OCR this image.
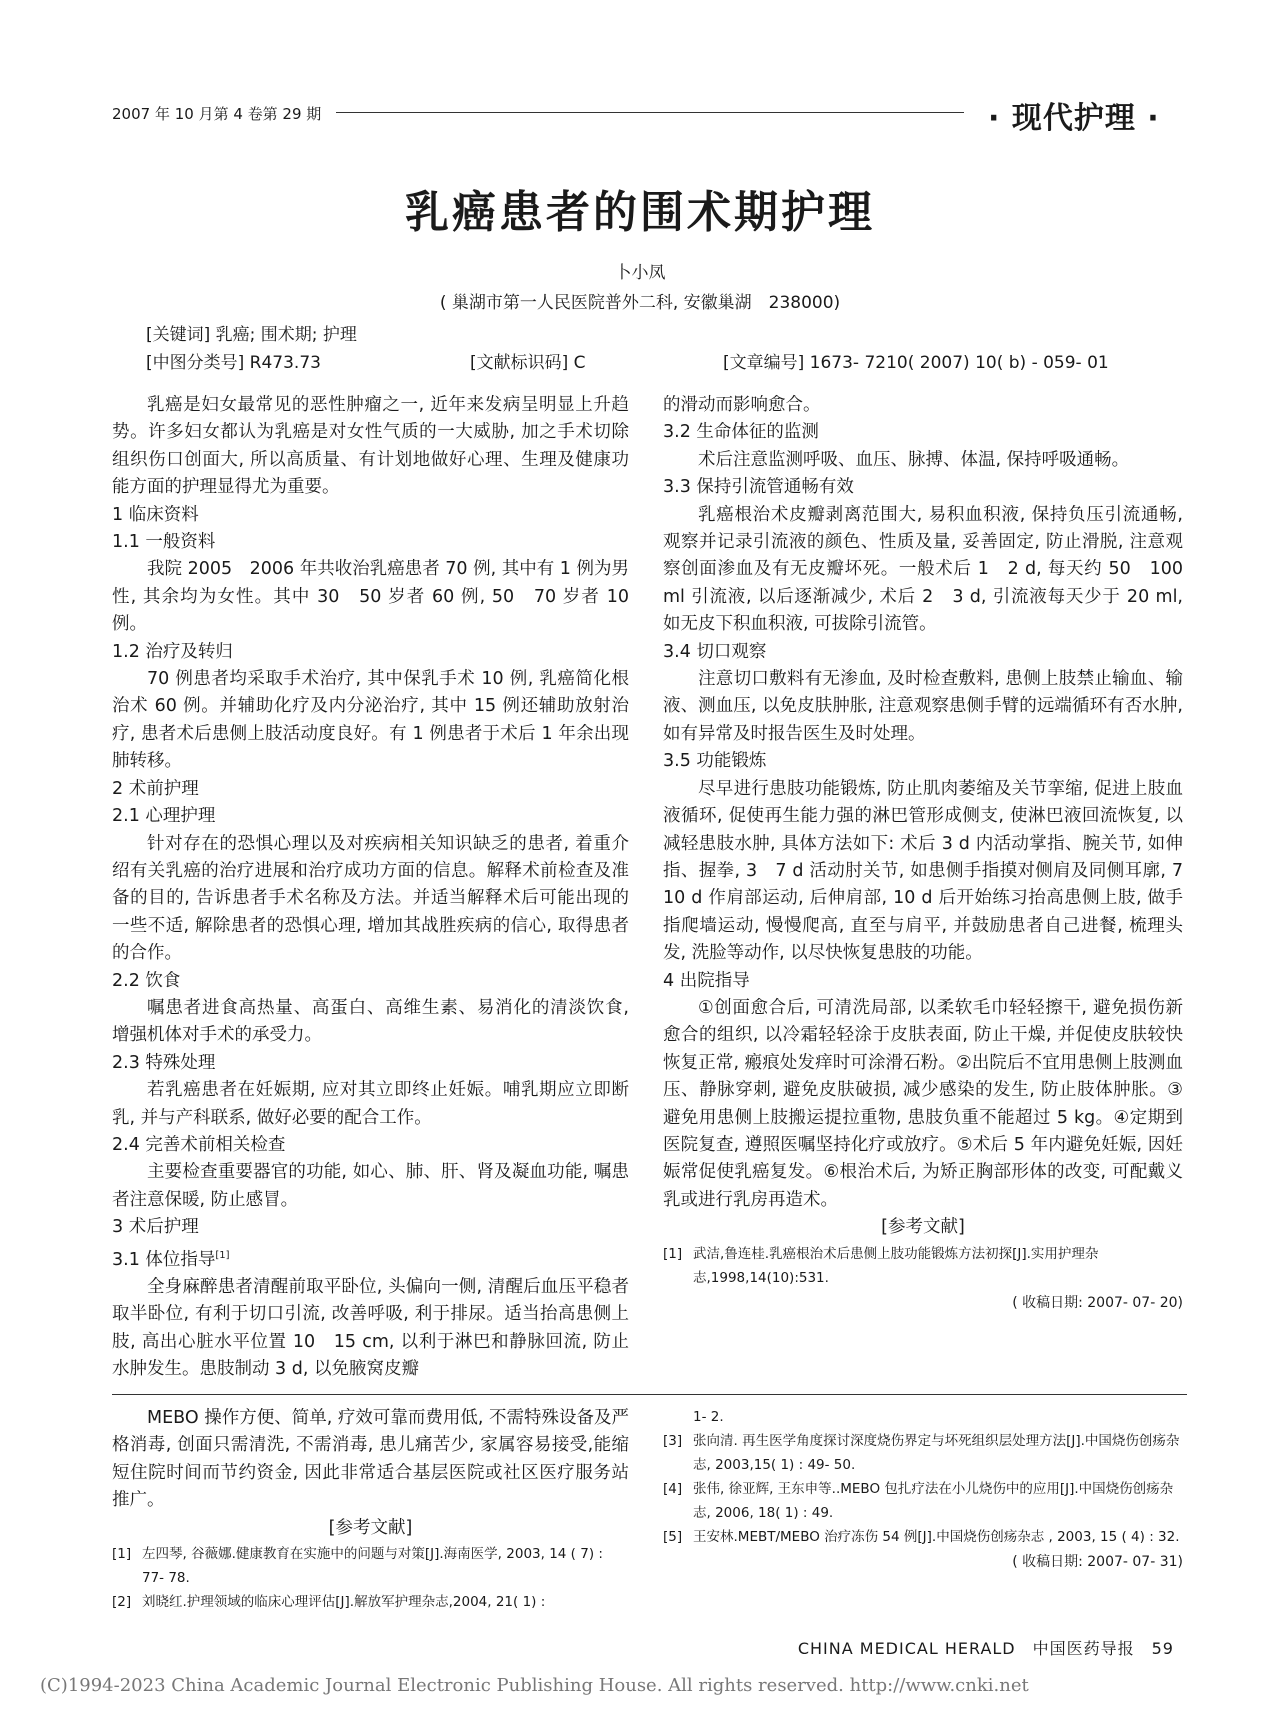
2007 年 10 月第 4 卷第 29 期	· 现代护理 ·
乳癌患者的围术期护理
卜小凤
( 巢湖市第一人民医院普外二科, 安徽巢湖　238000)
[关键词] 乳癌; 围术期; 护理
[中图分类号] R473.73	[文献标识码] C	[文章编号] 1673- 7210( 2007) 10( b) - 059- 01

乳癌是妇女最常见的恶性肿瘤之一, 近年来发病呈明显上升趋势。许多妇女都认为乳癌是对女性气质的一大威胁, 加之手术切除组织伤口创面大, 所以高质量、有计划地做好心理、生理及健康功能方面的护理显得尤为重要。

1 临床资料

1.1 一般资料

我院 2005　2006 年共收治乳癌患者 70 例, 其中有 1 例为男性, 其余均为女性。其中 30　50 岁者 60 例, 50　70 岁者 10 例。

1.2 治疗及转归

70 例患者均采取手术治疗, 其中保乳手术 10 例, 乳癌简化根治术 60 例。并辅助化疗及内分泌治疗, 其中 15 例还辅助放射治疗, 患者术后患侧上肢活动度良好。有 1 例患者于术后 1 年余出现肺转移。

2 术前护理

2.1 心理护理

针对存在的恐惧心理以及对疾病相关知识缺乏的患者, 着重介绍有关乳癌的治疗进展和治疗成功方面的信息。解释术前检查及准备的目的, 告诉患者手术名称及方法。并适当解释术后可能出现的一些不适, 解除患者的恐惧心理, 增加其战胜疾病的信心, 取得患者的合作。

2.2 饮食

嘱患者进食高热量、高蛋白、高维生素、易消化的清淡饮食, 增强机体对手术的承受力。

2.3 特殊处理

若乳癌患者在妊娠期, 应对其立即终止妊娠。哺乳期应立即断乳, 并与产科联系, 做好必要的配合工作。

2.4 完善术前相关检查

主要检查重要器官的功能, 如心、肺、肝、肾及凝血功能, 嘱患者注意保暖, 防止感冒。

3 术后护理

3.1 体位指导[1]

全身麻醉患者清醒前取平卧位, 头偏向一侧, 清醒后血压平稳者取半卧位, 有利于切口引流, 改善呼吸, 利于排尿。适当抬高患侧上肢, 高出心脏水平位置 10　15 cm, 以利于淋巴和静脉回流, 防止水肿发生。患肢制动 3 d, 以免腋窝皮瓣

的滑动而影响愈合。

3.2 生命体征的监测

术后注意监测呼吸、血压、脉搏、体温, 保持呼吸通畅。

3.3 保持引流管通畅有效

乳癌根治术皮瓣剥离范围大, 易积血积液, 保持负压引流通畅, 观察并记录引流液的颜色、性质及量, 妥善固定, 防止滑脱, 注意观察创面渗血及有无皮瓣坏死。一般术后 1　2 d, 每天约 50　100 ml 引流液, 以后逐渐减少, 术后 2　3 d, 引流液每天少于 20 ml, 如无皮下积血积液, 可拔除引流管。

3.4 切口观察

注意切口敷料有无渗血, 及时检查敷料, 患侧上肢禁止输血、输液、测血压, 以免皮肤肿胀, 注意观察患侧手臂的远端循环有否水肿, 如有异常及时报告医生及时处理。

3.5 功能锻炼

尽早进行患肢功能锻炼, 防止肌肉萎缩及关节挛缩, 促进上肢血液循环, 促使再生能力强的淋巴管形成侧支, 使淋巴液回流恢复, 以减轻患肢水肿, 具体方法如下: 术后 3 d 内活动掌指、腕关节, 如伸指、握拳, 3　7 d 活动肘关节, 如患侧手指摸对侧肩及同侧耳廓, 7　10 d 作肩部运动, 后伸肩部, 10 d 后开始练习抬高患侧上肢, 做手指爬墙运动, 慢慢爬高, 直至与肩平, 并鼓励患者自己进餐, 梳理头发, 洗脸等动作, 以尽快恢复患肢的功能。

4 出院指导

①创面愈合后, 可清洗局部, 以柔软毛巾轻轻擦干, 避免损伤新愈合的组织, 以冷霜轻轻涂于皮肤表面, 防止干燥, 并促使皮肤较快恢复正常, 瘢痕处发痒时可涂滑石粉。②出院后不宜用患侧上肢测血压、静脉穿刺, 避免皮肤破损, 减少感染的发生, 防止肢体肿胀。③避免用患侧上肢搬运提拉重物, 患肢负重不能超过 5 kg。④定期到医院复查, 遵照医嘱坚持化疗或放疗。⑤术后 5 年内避免妊娠, 因妊娠常促使乳癌复发。⑥根治术后, 为矫正胸部形体的改变, 可配戴义乳或进行乳房再造术。

[参考文献]

[1] 武洁,鲁连桂.乳癌根治术后患侧上肢功能锻炼方法初探[J].实用护理杂志,1998,14(10):531.
( 收稿日期: 2007- 07- 20)

MEBO 操作方便、简单, 疗效可靠而费用低, 不需特殊设备及严格消毒, 创面只需清洗, 不需消毒, 患儿痛苦少, 家属容易接受,能缩短住院时间而节约资金, 因此非常适合基层医院或社区医疗服务站推广。

[参考文献]

[1] 左四琴, 谷薇娜.健康教育在实施中的问题与对策[J].海南医学, 2003, 14 ( 7) : 77- 78.
[2] 刘晓红.护理领域的临床心理评估[J].解放军护理杂志,2004, 21( 1) :
1- 2.
[3] 张向清. 再生医学角度探讨深度烧伤界定与坏死组织层处理方法[J].中国烧伤创疡杂志, 2003,15( 1) : 49- 50.
[4] 张伟, 徐亚辉, 王东申等..MEBO 包扎疗法在小儿烧伤中的应用[J].中国烧伤创疡杂志, 2006, 18( 1) : 49.
[5] 王安林.MEBT/MEBO 治疗冻伤 54 例[J].中国烧伤创疡杂志 , 2003, 15 ( 4) : 32.
( 收稿日期: 2007- 07- 31)
CHINA MEDICAL HERALD　中国医药导报　59
(C)1994-2023 China Academic Journal Electronic Publishing House. All rights reserved. http://www.cnki.net
